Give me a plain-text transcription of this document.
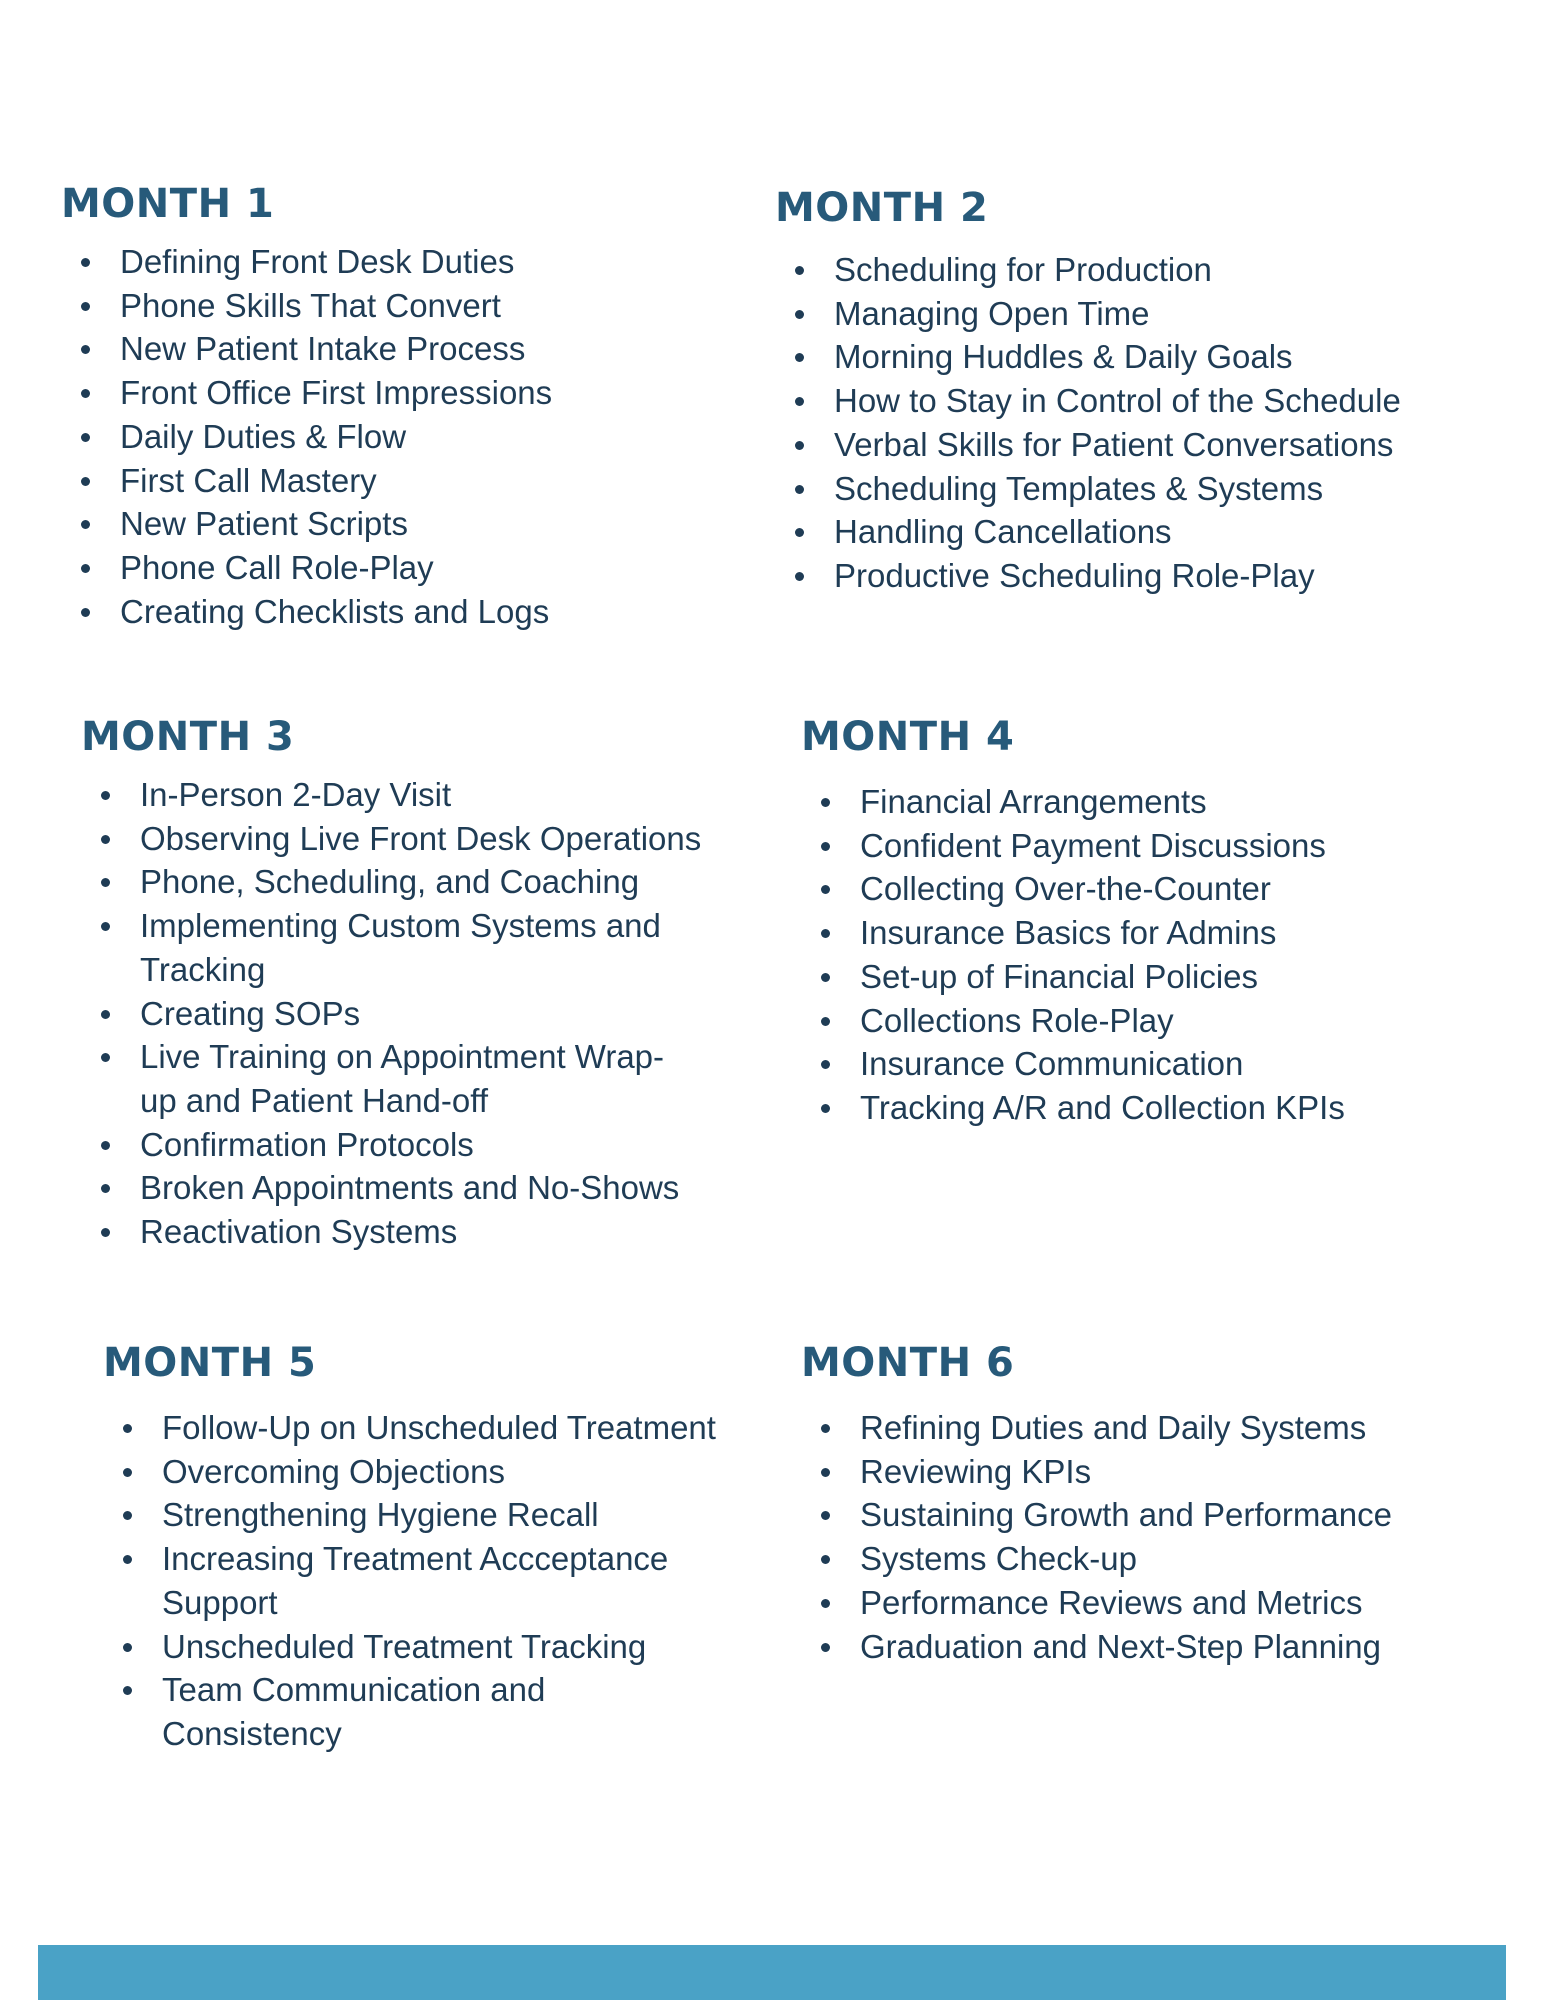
MONTH 1
Defining Front Desk Duties
Phone Skills That Convert
New Patient Intake Process
Front Office First Impressions
Daily Duties & Flow
First Call Mastery
New Patient Scripts
Phone Call Role-Play
Creating Checklists and Logs
MONTH 2
Scheduling for Production
Managing Open Time
Morning Huddles & Daily Goals
How to Stay in Control of the Schedule
Verbal Skills for Patient Conversations
Scheduling Templates & Systems
Handling Cancellations
Productive Scheduling Role-Play
MONTH 3
In-Person 2-Day Visit
Observing Live Front Desk Operations
Phone, Scheduling, and Coaching
Implementing Custom Systems and
Tracking
Creating SOPs
Live Training on Appointment Wrap-
up and Patient Hand-off
Confirmation Protocols
Broken Appointments and No-Shows
Reactivation Systems
MONTH 4
Financial Arrangements
Confident Payment Discussions
Collecting Over-the-Counter
Insurance Basics for Admins
Set-up of Financial Policies
Collections Role-Play
Insurance Communication
Tracking A/R and Collection KPIs
MONTH 5
Follow-Up on Unscheduled Treatment
Overcoming Objections
Strengthening Hygiene Recall
Increasing Treatment Accceptance
Support
Unscheduled Treatment Tracking
Team Communication and
Consistency
MONTH 6
Refining Duties and Daily Systems
Reviewing KPIs
Sustaining Growth and Performance
Systems Check-up
Performance Reviews and Metrics
Graduation and Next-Step Planning
